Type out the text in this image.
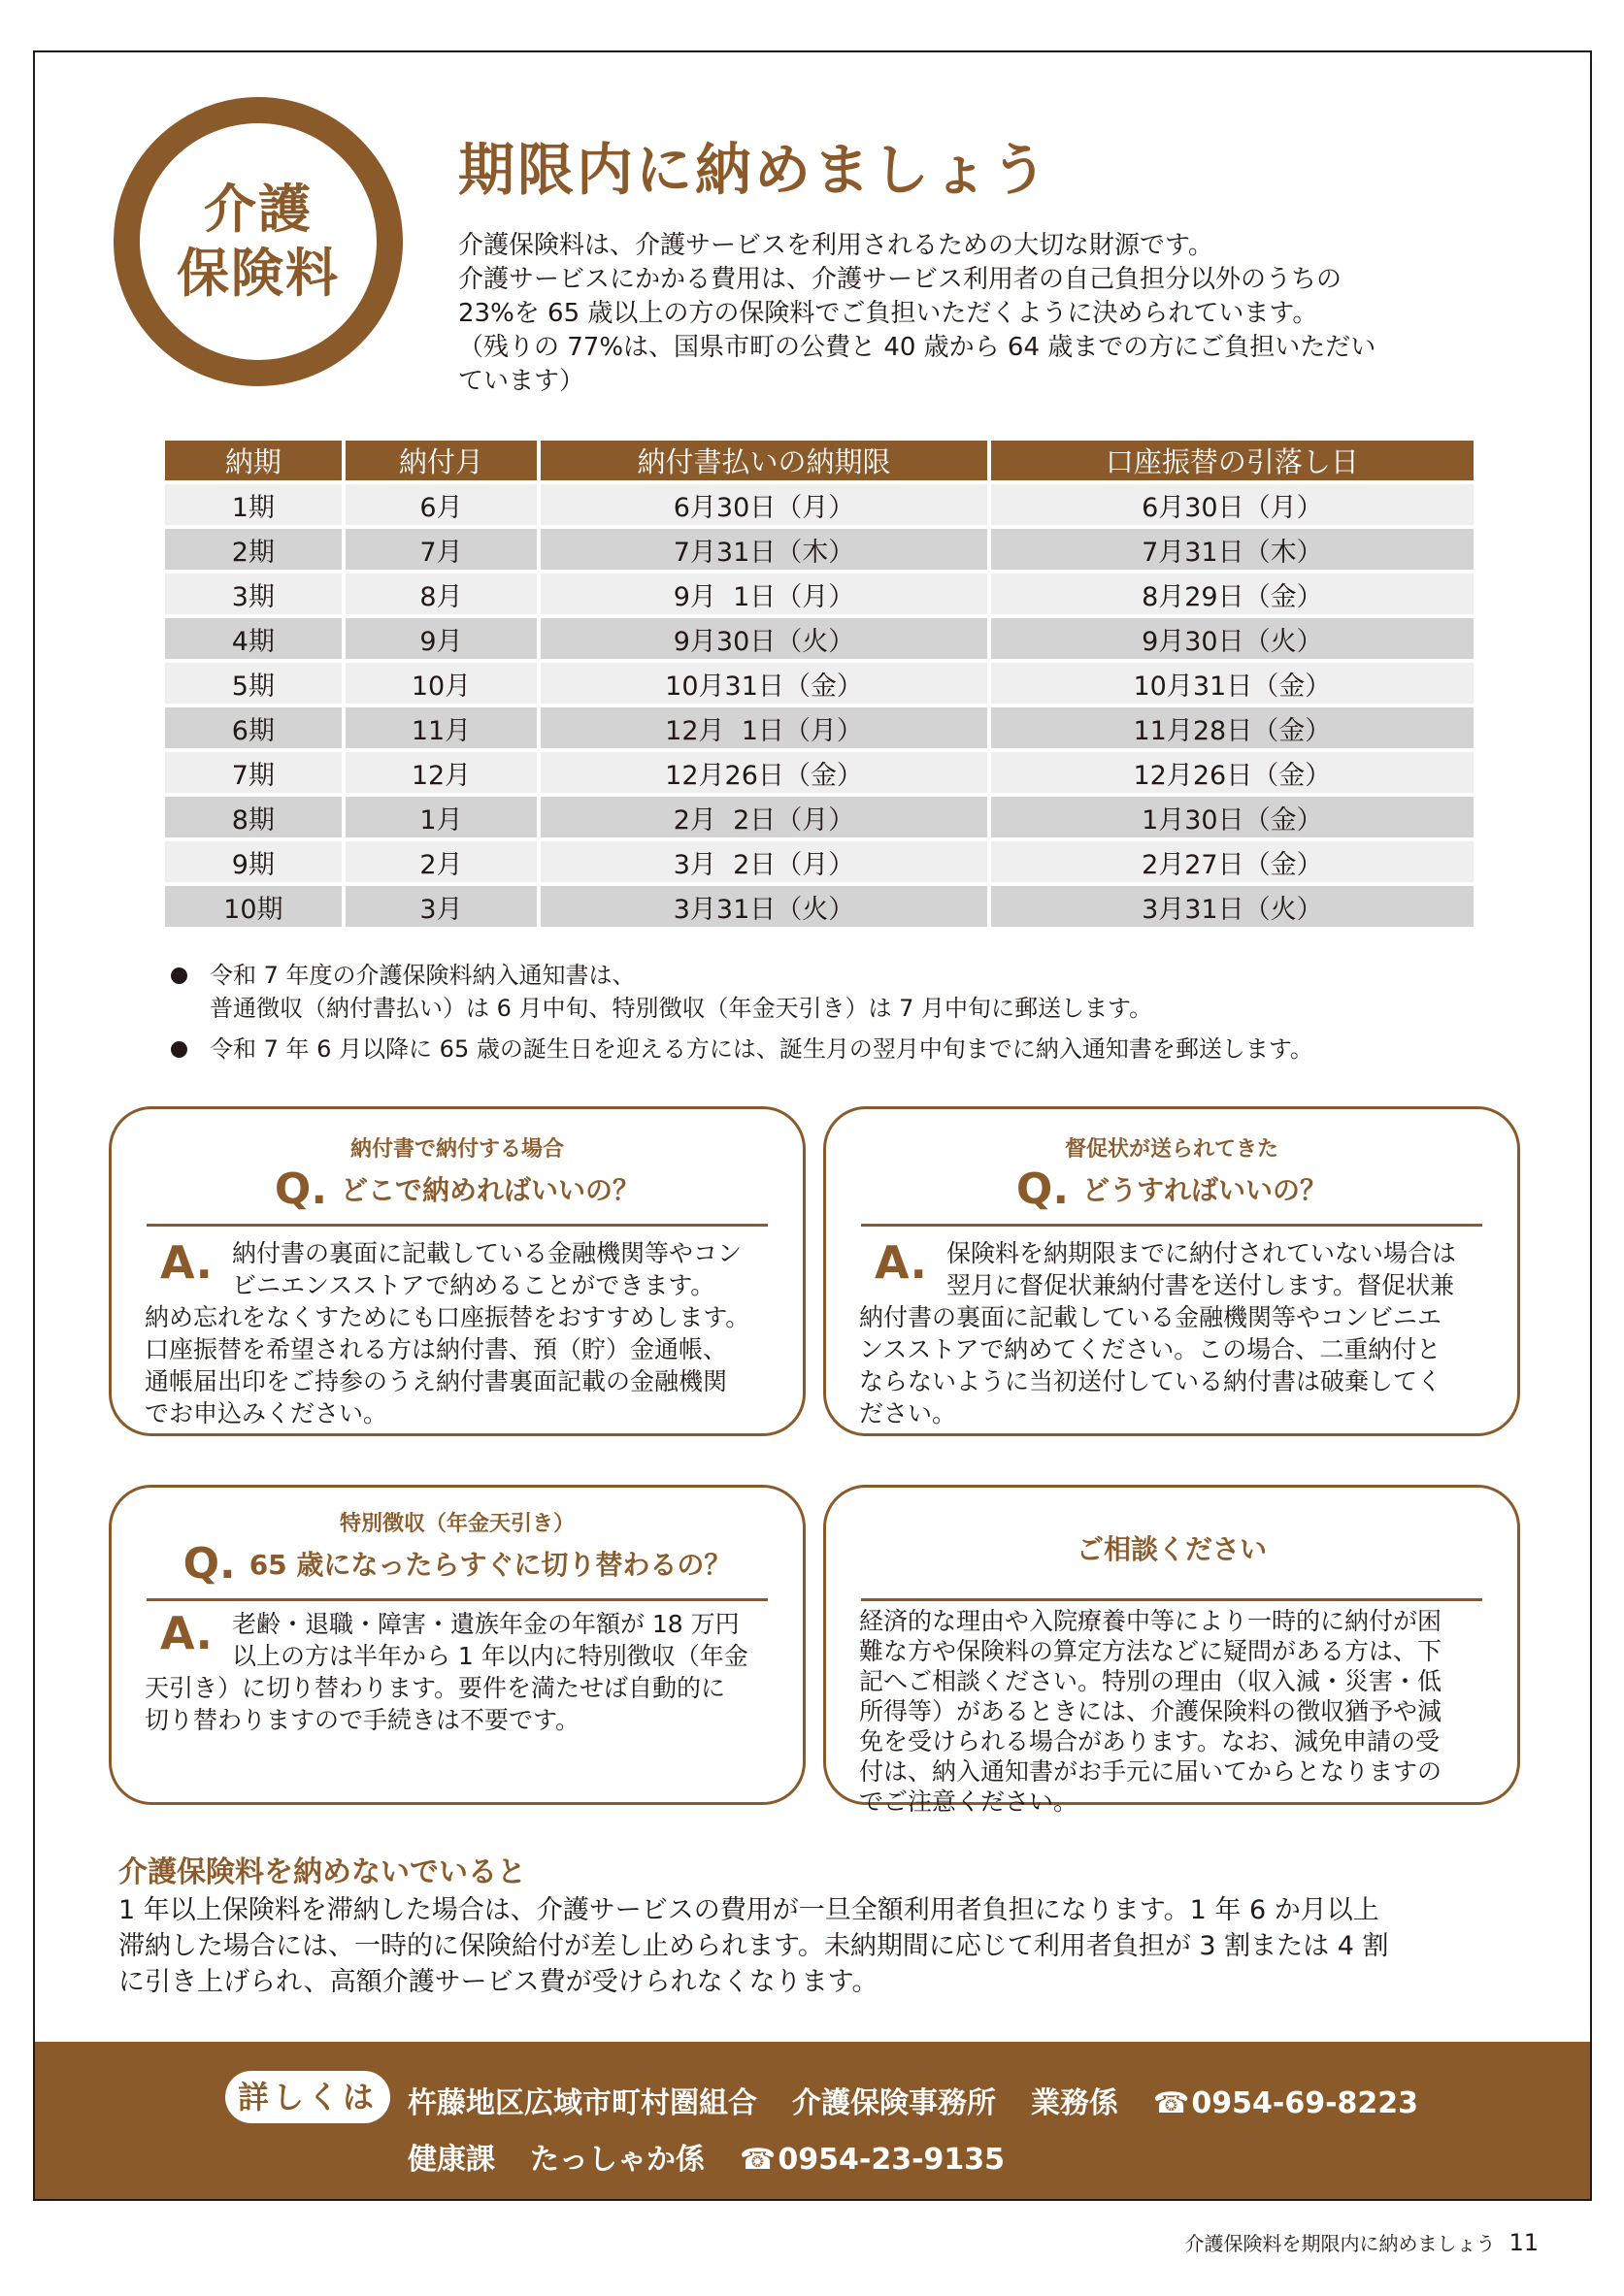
介護
保険料
期限内に納めましょう

介護保険料は、介護サービスを利用されるための大切な財源です。

介護サービスにかかる費用は、介護サービス利用者の自己負担分以外のうちの

23%を 65 歳以上の方の保険料でご負担いただくように決められています。

（残りの 77%は、国県市町の公費と 40 歳から 64 歳までの方にご負担いただい

ています）

納期	納付月	納付書払いの納期限	口座振替の引落し日
1期	6月	6月30日（月）	6月30日（月）
2期	7月	7月31日（木）	7月31日（木）
3期	8月	9月  1日（月）	8月29日（金）
4期	9月	9月30日（火）	9月30日（火）
5期	10月	10月31日（金）	10月31日（金）
6期	11月	12月  1日（月）	11月28日（金）
7期	12月	12月26日（金）	12月26日（金）
8期	1月	2月  2日（月）	1月30日（金）
9期	2月	3月  2日（月）	2月27日（金）
10期	3月	3月31日（火）	3月31日（火）

令和 7 年度の介護保険料納入通知書は、

普通徴収（納付書払い）は 6 月中旬、特別徴収（年金天引き）は 7 月中旬に郵送します。

令和 7 年 6 月以降に 65 歳の誕生日を迎える方には、誕生月の翌月中旬までに納入通知書を郵送します。

納付書で納付する場合
Q. どこで納めればいいの？
A. 納付書の裏面に記載している金融機関等やコン

ビニエンスストアで納めることができます。

納め忘れをなくすためにも口座振替をおすすめします。

口座振替を希望される方は納付書、預（貯）金通帳、

通帳届出印をご持参のうえ納付書裏面記載の金融機関

でお申込みください。

督促状が送られてきた
Q. どうすればいいの？
A. 保険料を納期限までに納付されていない場合は

翌月に督促状兼納付書を送付します。督促状兼

納付書の裏面に記載している金融機関等やコンビニエ

ンスストアで納めてください。この場合、二重納付と

ならないように当初送付している納付書は破棄してく

ださい。

特別徴収（年金天引き）
Q. 65 歳になったらすぐに切り替わるの？
A. 老齢・退職・障害・遺族年金の年額が 18 万円

以上の方は半年から 1 年以内に特別徴収（年金

天引き）に切り替わります。要件を満たせば自動的に

切り替わりますので手続きは不要です。

ご相談ください

経済的な理由や入院療養中等により一時的に納付が困

難な方や保険料の算定方法などに疑問がある方は、下

記へご相談ください。特別の理由（収入減・災害・低

所得等）があるときには、介護保険料の徴収猶予や減

免を受けられる場合があります。なお、減免申請の受

付は、納入通知書がお手元に届いてからとなりますの

でご注意ください。

介護保険料を納めないでいると

1 年以上保険料を滞納した場合は、介護サービスの費用が一旦全額利用者負担になります。1 年 6 か月以上

滞納した場合には、一時的に保険給付が差し止められます。未納期間に応じて利用者負担が 3 割または 4 割

に引き上げられ、高額介護サービス費が受けられなくなります。

詳しくは	杵藤地区広域市町村圏組合 介護保険事務所 業務係 ☎0954-69-8223
健康課 たっしゃか係 ☎0954-23-9135
介護保険料を期限内に納めましょう 11
